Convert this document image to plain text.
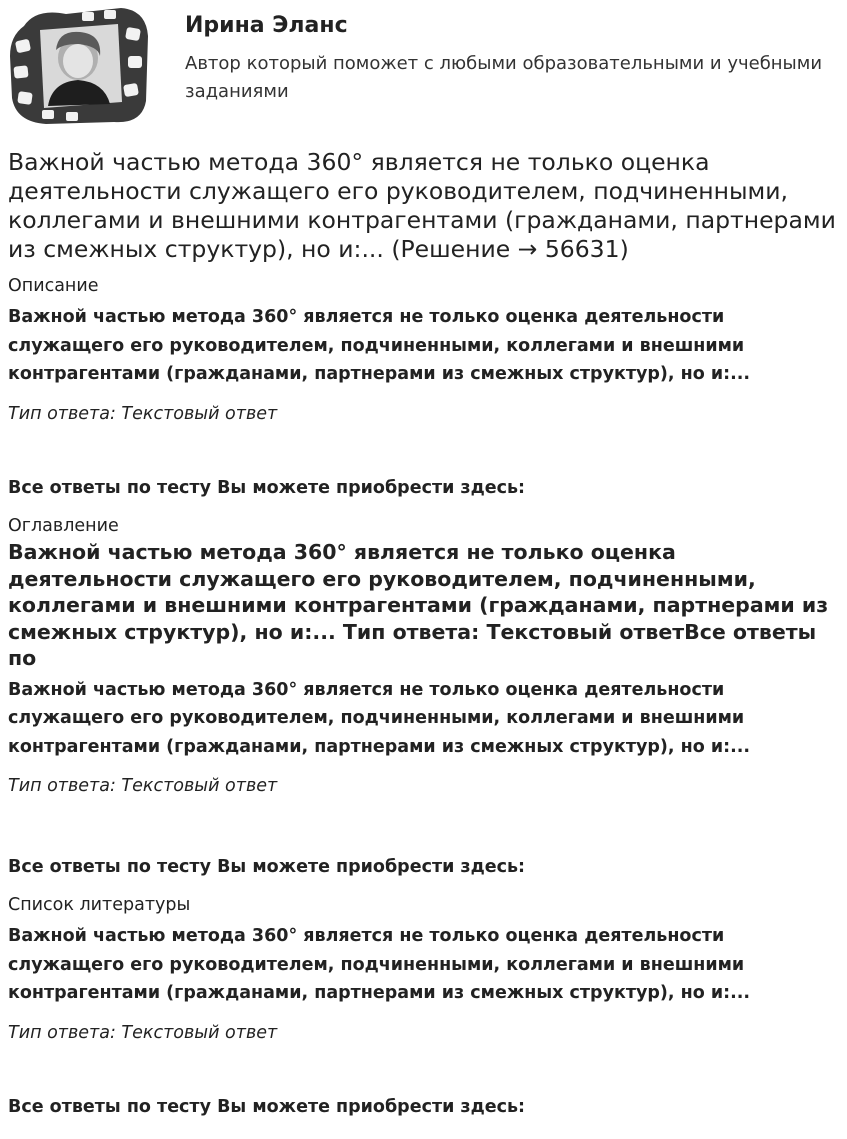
Ирина Эланс
Автор который поможет с любыми образовательными и учебными заданиями
Важной частью метода 360° является не только оценка деятельности служащего его руководителем, подчиненными, коллегами и внешними контрагентами (гражданами, партнерами из смежных структур), но и:... (Решение → 56631)

Описание

Важной частью метода 360° является не только оценка деятельности служащего его руководителем, подчиненными, коллегами и внешними контрагентами (гражданами, партнерами из смежных структур), но и:...

Тип ответа: Текстовый ответ

Все ответы по тесту Вы можете приобрести здесь:

Оглавление

Важной частью метода 360° является не только оценка деятельности служащего его руководителем, подчиненными, коллегами и внешними контрагентами (гражданами, партнерами из смежных структур), но и:... Тип ответа: Текстовый ответВсе ответы по

Важной частью метода 360° является не только оценка деятельности служащего его руководителем, подчиненными, коллегами и внешними контрагентами (гражданами, партнерами из смежных структур), но и:...

Тип ответа: Текстовый ответ

Все ответы по тесту Вы можете приобрести здесь:

Список литературы

Важной частью метода 360° является не только оценка деятельности служащего его руководителем, подчиненными, коллегами и внешними контрагентами (гражданами, партнерами из смежных структур), но и:...

Тип ответа: Текстовый ответ

Все ответы по тесту Вы можете приобрести здесь:
